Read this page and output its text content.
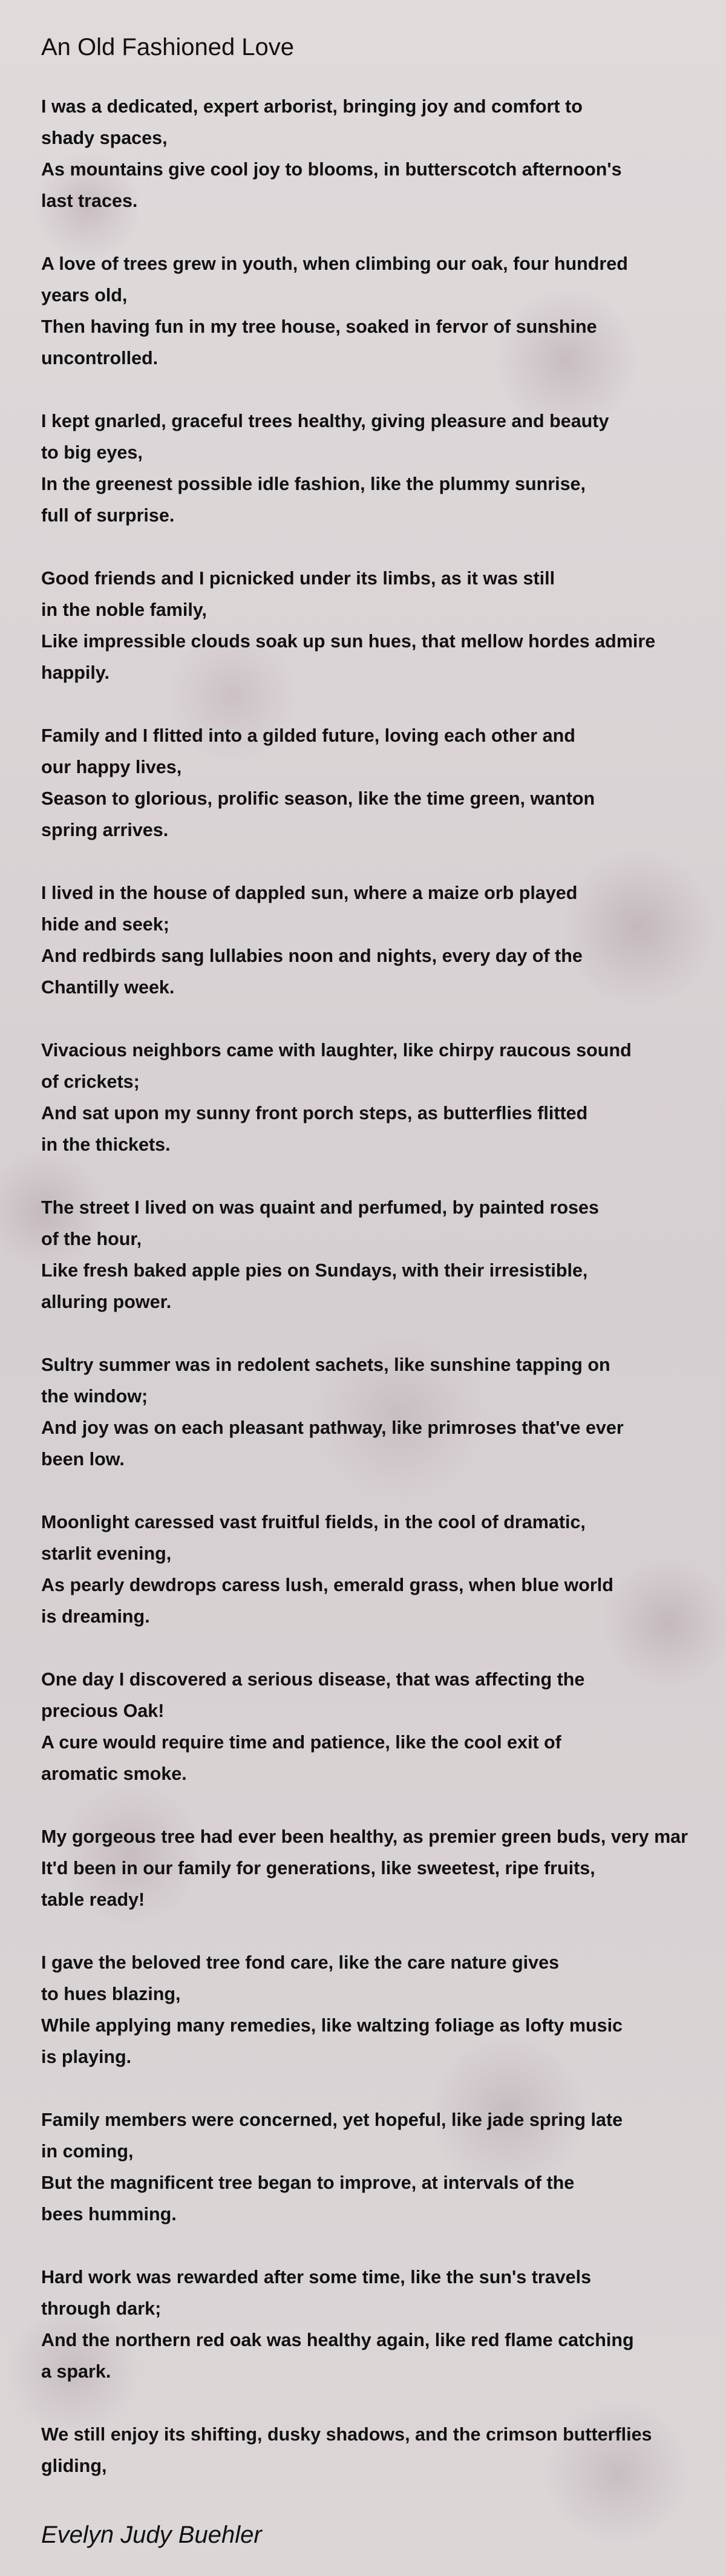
An Old Fashioned Love
I was a dedicated, expert arborist, bringing joy and comfort to
shady spaces,
As mountains give cool joy to blooms, in butterscotch afternoon's
last traces.
A love of trees grew in youth, when climbing our oak, four hundred
years old,
Then having fun in my tree house, soaked in fervor of sunshine
uncontrolled.
I kept gnarled, graceful trees healthy, giving pleasure and beauty
to big eyes,
In the greenest possible idle fashion, like the plummy sunrise,
full of surprise.
Good friends and I picnicked under its limbs, as it was still
in the noble family,
Like impressible clouds soak up sun hues, that mellow hordes admire
happily.
Family and I flitted into a gilded future, loving each other and
our happy lives,
Season to glorious, prolific season, like the time green, wanton
spring arrives.
I lived in the house of dappled sun, where a maize orb played
hide and seek;
And redbirds sang lullabies noon and nights, every day of the
Chantilly week.
Vivacious neighbors came with laughter, like chirpy raucous sound
of crickets;
And sat upon my sunny front porch steps, as butterflies flitted
in the thickets.
The street I lived on was quaint and perfumed, by painted roses
of the hour,
Like fresh baked apple pies on Sundays, with their irresistible,
alluring power.
Sultry summer was in redolent sachets, like sunshine tapping on
the window;
And joy was on each pleasant pathway, like primroses that've ever
been low.
Moonlight caressed vast fruitful fields, in the cool of dramatic,
starlit evening,
As pearly dewdrops caress lush, emerald grass, when blue world
is dreaming.
One day I discovered a serious disease, that was affecting the
precious Oak!
A cure would require time and patience, like the cool exit of
aromatic smoke.
My gorgeous tree had ever been healthy, as premier green buds, very mar
It'd been in our family for generations, like sweetest, ripe fruits,
table ready!
I gave the beloved tree fond care, like the care nature gives
to hues blazing,
While applying many remedies, like waltzing foliage as lofty music
is playing.
Family members were concerned, yet hopeful, like jade spring late
in coming,
But the magnificent tree began to improve, at intervals of the
bees humming.
Hard work was rewarded after some time, like the sun's travels
through dark;
And the northern red oak was healthy again, like red flame catching
a spark.
We still enjoy its shifting, dusky shadows, and the crimson butterflies
gliding,
Evelyn Judy Buehler
